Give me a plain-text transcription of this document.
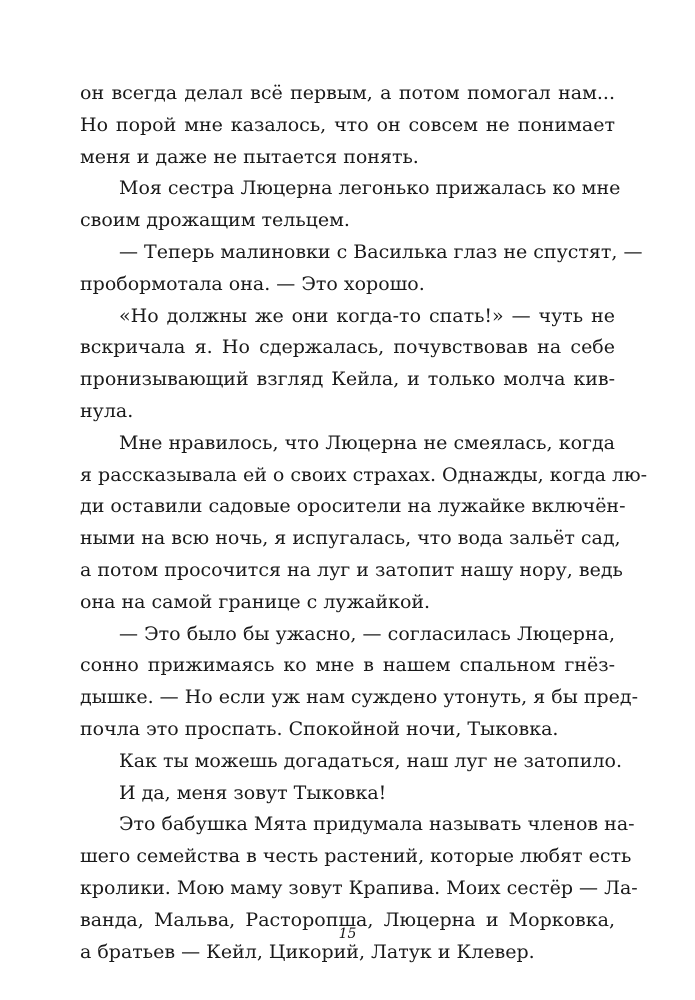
он всегда делал всё первым, а потом помогал нам...
Но порой мне казалось, что он совсем не понимает
меня и даже не пытается понять.
Моя сестра Люцерна легонько прижалась ко мне
своим дрожащим тельцем.
— Теперь малиновки с Василька глаз не спустят, —
пробормотала она. — Это хорошо.
«Но должны же они когда-то спать!» — чуть не
вскричала я. Но сдержалась, почувствовав на себе
пронизывающий взгляд Кейла, и только молча кив-
нула.
Мне нравилось, что Люцерна не смеялась, когда
я рассказывала ей о своих страхах. Однажды, когда лю-
ди оставили садовые оросители на лужайке включён-
ными на всю ночь, я испугалась, что вода зальёт сад,
а потом просочится на луг и затопит нашу нору, ведь
она на самой границе с лужайкой.
— Это было бы ужасно, — согласилась Люцерна,
сонно прижимаясь ко мне в нашем спальном гнёз-
дышке. — Но если уж нам суждено утонуть, я бы пред-
почла это проспать. Спокойной ночи, Тыковка.
Как ты можешь догадаться, наш луг не затопило.
И да, меня зовут Тыковка!
Это бабушка Мята придумала называть членов на-
шего семейства в честь растений, которые любят есть
кролики. Мою маму зовут Крапива. Моих сестёр — Ла-
ванда, Мальва, Расторопша, Люцерна и Морковка,
а братьев — Кейл, Цикорий, Латук и Клевер.
15
